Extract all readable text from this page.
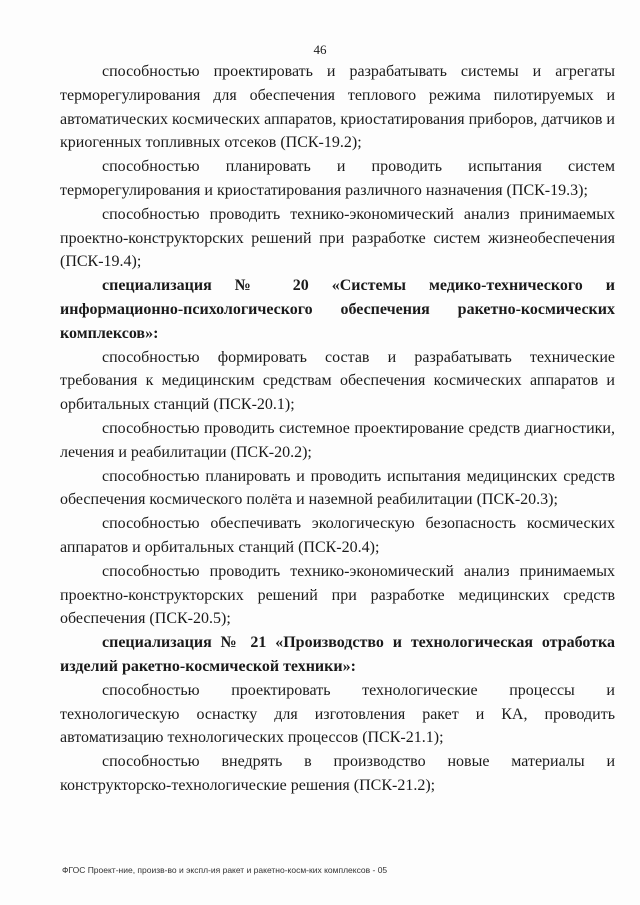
46

способностью проектировать и разрабатывать системы и агрегаты терморегулирования для обеспечения теплового режима пилотируемых и автоматических космических аппаратов, криостатирования приборов, датчиков и криогенных топливных отсеков (ПСК-19.2);

способностью планировать и проводить испытания систем терморегулирования и криостатирования различного назначения (ПСК-19.3);

способностью проводить технико-экономический анализ принимаемых проектно-конструкторских решений при разработке систем жизнеобеспечения (ПСК-19.4);

специализация № 20 «Системы медико-технического и информационно-психологического обеспечения ракетно-космических комплексов»:

способностью формировать состав и разрабатывать технические требования к медицинским средствам обеспечения космических аппаратов и орбитальных станций (ПСК-20.1);

способностью проводить системное проектирование средств диагностики, лечения и реабилитации (ПСК-20.2);

способностью планировать и проводить испытания медицинских средств обеспечения космического полёта и наземной реабилитации (ПСК-20.3);

способностью обеспечивать экологическую безопасность космических аппаратов и орбитальных станций (ПСК-20.4);

способностью проводить технико-экономический анализ принимаемых проектно-конструкторских решений при разработке медицинских средств обеспечения (ПСК-20.5);

специализация № 21 «Производство и технологическая отработка изделий ракетно-космической техники»:

способностью проектировать технологические процессы и технологическую оснастку для изготовления ракет и КА, проводить автоматизацию технологических процессов (ПСК-21.1);

способностью внедрять в производство новые материалы и конструкторско-технологические решения (ПСК-21.2);

ФГОС Проект-ние, произв-во и экспл-ия ракет и ракетно-косм-ких комплексов - 05
